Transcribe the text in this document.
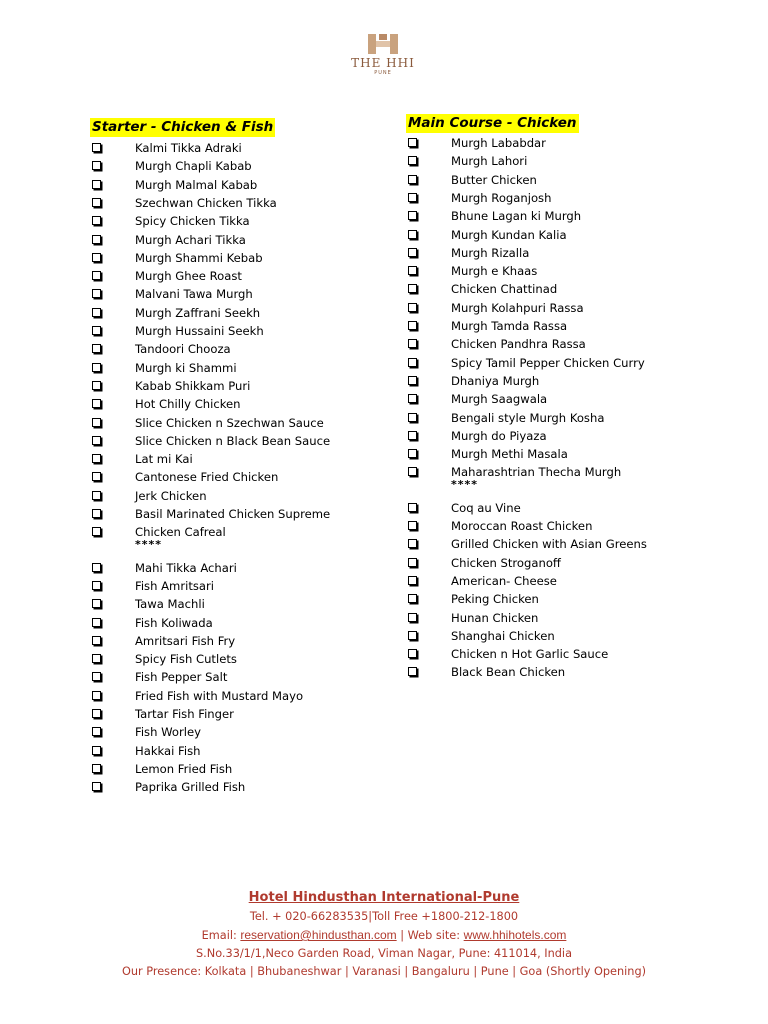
THE HHI
PUNE
Starter - Chicken & Fish
Kalmi Tikka Adraki
Murgh Chapli Kabab
Murgh Malmal Kabab
Szechwan Chicken Tikka
Spicy Chicken Tikka
Murgh Achari Tikka
Murgh Shammi Kebab
Murgh Ghee Roast
Malvani Tawa Murgh
Murgh Zaffrani Seekh
Murgh Hussaini Seekh
Tandoori Chooza
Murgh ki Shammi
Kabab Shikkam Puri
Hot Chilly Chicken
Slice Chicken n Szechwan Sauce
Slice Chicken n Black Bean Sauce
Lat mi Kai
Cantonese Fried Chicken
Jerk Chicken
Basil Marinated Chicken Supreme
Chicken Cafreal
****
Mahi Tikka Achari
Fish Amritsari
Tawa Machli
Fish Koliwada
Amritsari Fish Fry
Spicy Fish Cutlets
Fish Pepper Salt
Fried Fish with Mustard Mayo
Tartar Fish Finger
Fish Worley
Hakkai Fish
Lemon Fried Fish
Paprika Grilled Fish
Main Course - Chicken
Murgh Lababdar
Murgh Lahori
Butter Chicken
Murgh Roganjosh
Bhune Lagan ki Murgh
Murgh Kundan Kalia
Murgh Rizalla
Murgh e Khaas
Chicken Chattinad
Murgh Kolahpuri Rassa
Murgh Tamda Rassa
Chicken Pandhra Rassa
Spicy Tamil Pepper Chicken Curry
Dhaniya Murgh
Murgh Saagwala
Bengali style Murgh Kosha
Murgh do Piyaza
Murgh Methi Masala
Maharashtrian Thecha Murgh
****
Coq au Vine
Moroccan Roast Chicken
Grilled Chicken with Asian Greens
Chicken Stroganoff
American- Cheese
Peking Chicken
Hunan Chicken
Shanghai Chicken
Chicken n Hot Garlic Sauce
Black Bean Chicken
Hotel Hindusthan International-Pune
Tel. + 020-66283535|Toll Free +1800-212-1800
Email: reservation@hindusthan.com | Web site: www.hhihotels.com
S.No.33/1/1,Neco Garden Road, Viman Nagar, Pune: 411014, India
Our Presence: Kolkata | Bhubaneshwar | Varanasi | Bangaluru | Pune | Goa (Shortly Opening)
